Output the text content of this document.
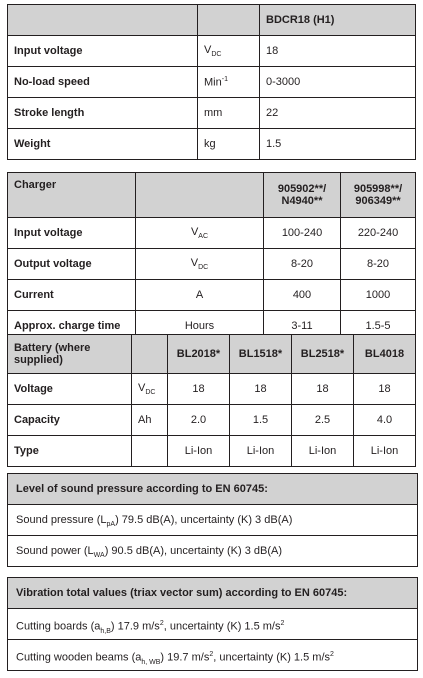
		BDCR18 (H1)
Input voltage	$V_{DC}$	18
No-load speed	Min$^{-1}$	0-3000
Stroke length	mm	22
Weight	kg	1.5
Charger		905902**/ N4940**	905998**/ 906349**
Input voltage	$V_{AC}$	100-240	220-240
Output voltage	$V_{DC}$	8-20	8-20
Current	A	400	1000
Approx. charge time	Hours	3-11	1.5-5
Battery (where supplied)		BL2018*	BL1518*	BL2518*	BL4018
Voltage	$V_{DC}$	18	18	18	18
Capacity	Ah	2.0	1.5	2.5	4.0
Type		Li-Ion	Li-Ion	Li-Ion	Li-Ion
Level of sound pressure according to EN 60745:
Sound pressure $(L_{pA})$ 79.5 dB(A), uncertainty (K) 3 dB(A)
Sound power $(L_{WA})$ 90.5 dB(A), uncertainty (K) 3 dB(A)
Vibration total values (triax vector sum) according to EN 60745:
Cutting boards $(a_{h,B})$ 17.9 $m/s^2$, uncertainty (K) 1.5 $m/s^2$
Cutting wooden beams $(a_{h, WB})$ 19.7 $m/s^2$, uncertainty (K) 1.5 $m/s^2$
